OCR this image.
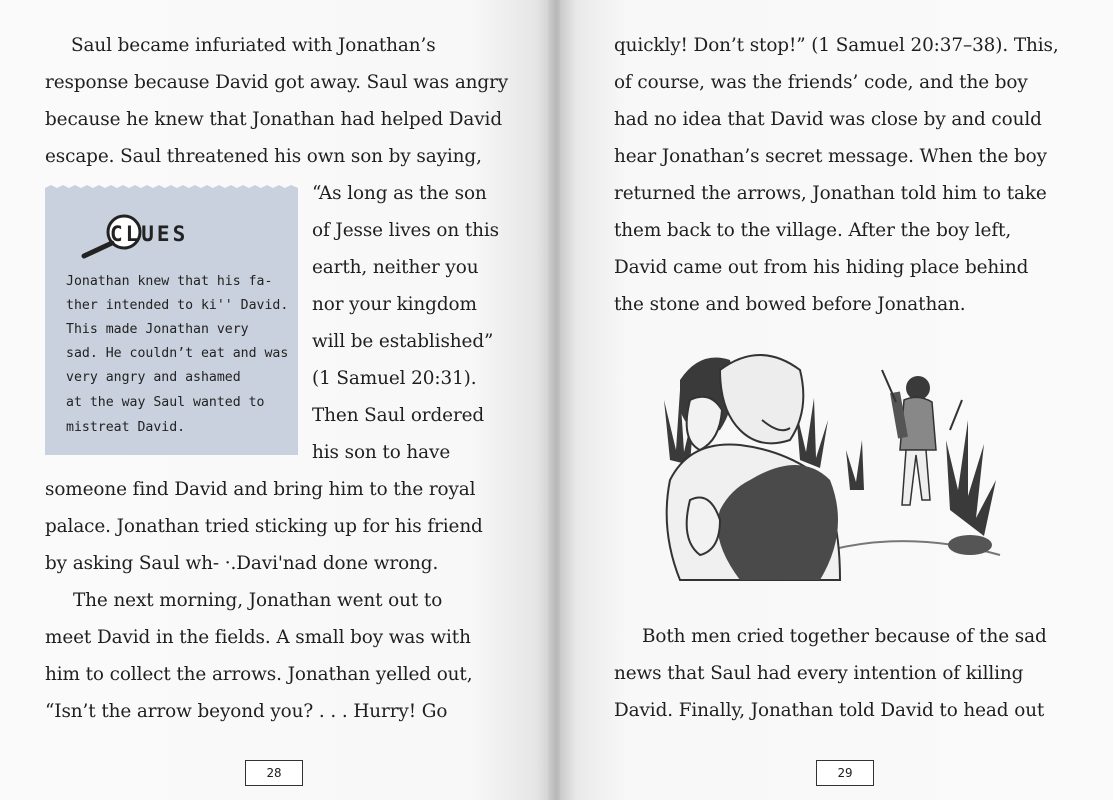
Saul became infuriated with Jonathan’s
response because David got away. Saul was angry
because he knew that Jonathan had helped David
escape. Saul threatened his own son by saying,
“As long as the son
of Jesse lives on this
earth, neither you
nor your kingdom
will be established”
(1 Samuel 20:31).
Then Saul ordered
his son to have
someone find David and bring him to the royal
palace. Jonathan tried sticking up for his friend
by asking Saul wh- ·.Davi'nad done wrong.
The next morning, Jonathan went out to
meet David in the fields. A small boy was with
him to collect the arrows. Jonathan yelled out,
“Isn’t the arrow beyond you? . . . Hurry! Go
CLUES
Jonathan knew that his fa-
ther intended to ki'' David.
This made Jonathan very
sad. He couldn’t eat and was
very angry and ashamed
at the way Saul wanted to
mistreat David.
28
quickly! Don’t stop!” (1 Samuel 20:37–38). This,
of course, was the friends’ code, and the boy
had no idea that David was close by and could
hear Jonathan’s secret message. When the boy
returned the arrows, Jonathan told him to take
them back to the village. After the boy left,
David came out from his hiding place behind
the stone and bowed before Jonathan.
Both men cried together because of the sad
news that Saul had every intention of killing
David. Finally, Jonathan told David to head out
29
